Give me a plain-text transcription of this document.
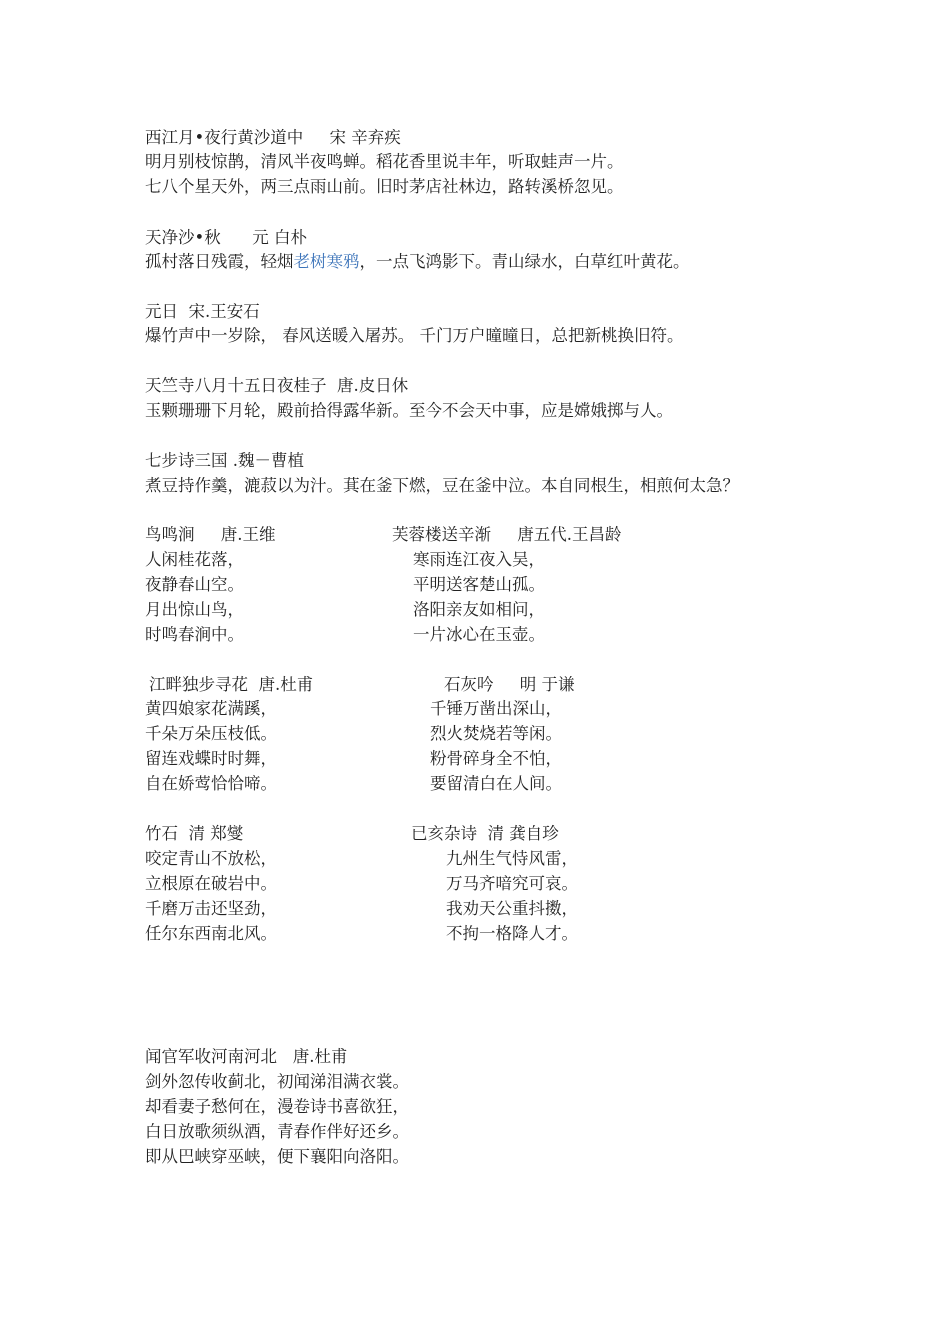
西江月•夜行黄沙道中     宋 辛弃疾
明月别枝惊鹊，清风半夜鸣蝉。稻花香里说丰年，听取蛙声一片。
七八个星天外，两三点雨山前。旧时茅店社林边，路转溪桥忽见。
天净沙•秋      元 白朴
孤村落日残霞，轻烟老树寒鸦，一点飞鸿影下。青山绿水，白草红叶黄花。
元日  宋.王安石
爆竹声中一岁除， 春风送暖入屠苏。 千门万户曈曈日，总把新桃换旧符。
天竺寺八月十五日夜桂子  唐.皮日休
玉颗珊珊下月轮，殿前拾得露华新。至今不会天中事，应是嫦娥掷与人。
七步诗三国 .魏－曹植
煮豆持作羹，漉菽以为汁。萁在釜下燃，豆在釜中泣。本自同根生，相煎何太急？
鸟鸣涧     唐.王维
人闲桂花落，
夜静春山空。
月出惊山鸟，
时鸣春涧中。
芙蓉楼送辛渐     唐五代.王昌龄
寒雨连江夜入吴，
平明送客楚山孤。
洛阳亲友如相问，
一片冰心在玉壶。
江畔独步寻花  唐.杜甫
黄四娘家花满蹊，
千朵万朵压枝低。
留连戏蝶时时舞，
自在娇莺恰恰啼。
石灰吟     明 于谦
千锤万凿出深山，
烈火焚烧若等闲。
粉骨碎身全不怕，
要留清白在人间。
竹石  清 郑燮
咬定青山不放松，
立根原在破岩中。
千磨万击还坚劲，
任尔东西南北风。
已亥杂诗  清 龚自珍
九州生气恃风雷，
万马齐喑究可哀。
我劝天公重抖擞，
不拘一格降人才。
闻官军收河南河北   唐.杜甫
剑外忽传收蓟北，初闻涕泪满衣裳。
却看妻子愁何在，漫卷诗书喜欲狂，
白日放歌须纵酒，青春作伴好还乡。
即从巴峡穿巫峡，便下襄阳向洛阳。
